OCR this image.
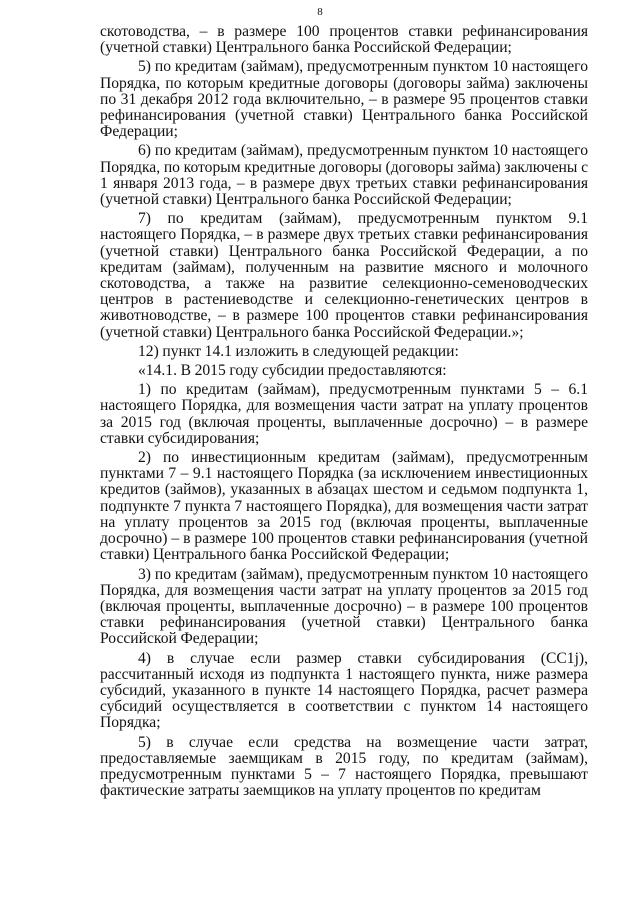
8

скотоводства, – в размере 100 процентов ставки рефинансирования (учетной ставки) Центрального банка Российской Федерации;

5) по кредитам (займам), предусмотренным пунктом 10 настоящего Порядка, по которым кредитные договоры (договоры займа) заключены по 31 декабря 2012 года включительно, – в размере 95 процентов ставки рефинансирования (учетной ставки) Центрального банка Российской Федерации;

6) по кредитам (займам), предусмотренным пунктом 10 настоящего Порядка, по которым кредитные договоры (договоры займа) заключены с 1 января 2013 года, – в размере двух третьих ставки рефинансирования (учетной ставки) Центрального банка Российской Федерации;

7) по кредитам (займам), предусмотренным пунктом 9.1 настоящего Порядка, – в размере двух третьих ставки рефинансирования (учетной ставки) Центрального банка Российской Федерации, а по кредитам (займам), полученным на развитие мясного и молочного скотоводства, а также на развитие селекционно-семеноводческих центров в растениеводстве и селекционно-генетических центров в животноводстве, – в размере 100 процентов ставки рефинансирования (учетной ставки) Центрального банка Российской Федерации.»;

12) пункт 14.1 изложить в следующей редакции:

«14.1. В 2015 году субсидии предоставляются:

1) по кредитам (займам), предусмотренным пунктами 5 – 6.1 настоящего Порядка, для возмещения части затрат на уплату процентов за 2015 год (включая проценты, выплаченные досрочно) – в размере ставки субсидирования;

2) по инвестиционным кредитам (займам), предусмотренным пунктами 7 – 9.1 настоящего Порядка (за исключением инвестиционных кредитов (займов), указанных в абзацах шестом и седьмом подпункта 1, подпункте 7 пункта 7 настоящего Порядка), для возмещения части затрат на уплату процентов за 2015 год (включая проценты, выплаченные досрочно) – в размере 100 процентов ставки рефинансирования (учетной ставки) Центрального банка Российской Федерации;

3) по кредитам (займам), предусмотренным пунктом 10 настоящего Порядка, для возмещения части затрат на уплату процентов за 2015 год (включая проценты, выплаченные досрочно) – в размере 100 процентов ставки рефинансирования (учетной ставки) Центрального банка Российской Федерации;

4) в случае если размер ставки субсидирования (CC1j), рассчитанный исходя из подпункта 1 настоящего пункта, ниже размера субсидий, указанного в пункте 14 настоящего Порядка, расчет размера субсидий осуществляется в соответствии с пунктом 14 настоящего Порядка;

5) в случае если средства на возмещение части затрат, предоставляемые заемщикам в 2015 году, по кредитам (займам), предусмотренным пунктами 5 – 7 настоящего Порядка, превышают фактические затраты заемщиков на уплату процентов по кредитам
